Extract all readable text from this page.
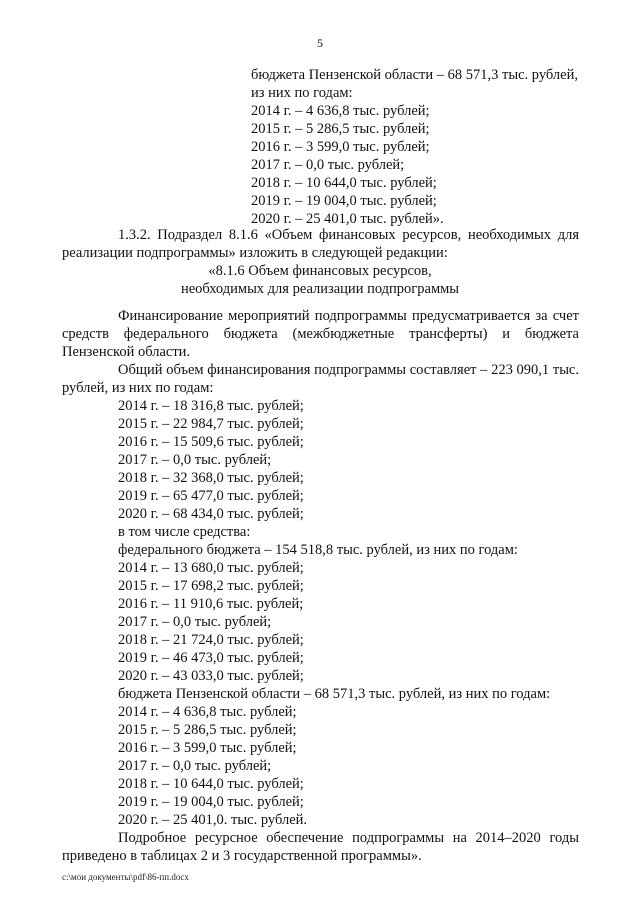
5
бюджета Пензенской области – 68 571,3 тыс. рублей,
из них по годам:
2014 г. – 4 636,8 тыс. рублей;
2015 г. – 5 286,5 тыс. рублей;
2016 г. – 3 599,0 тыс. рублей;
2017 г. – 0,0 тыс. рублей;
2018 г. – 10 644,0 тыс. рублей;
2019 г. – 19 004,0 тыс. рублей;
2020 г. – 25 401,0 тыс. рублей».
1.3.2. Подраздел 8.1.6 «Объем финансовых ресурсов, необходимых для
реализации подпрограммы» изложить в следующей редакции:
«8.1.6 Объем финансовых ресурсов,
необходимых для реализации подпрограммы
Финансирование мероприятий подпрограммы предусматривается за счет
средств федерального бюджета (межбюджетные трансферты) и бюджета
Пензенской области.
Общий объем финансирования подпрограммы составляет – 223 090,1 тыс.
рублей, из них по годам:
2014 г. – 18 316,8 тыс. рублей;
2015 г. – 22 984,7 тыс. рублей;
2016 г. – 15 509,6 тыс. рублей;
2017 г. – 0,0 тыс. рублей;
2018 г. – 32 368,0 тыс. рублей;
2019 г. – 65 477,0 тыс. рублей;
2020 г. – 68 434,0 тыс. рублей;
в том числе средства:
федерального бюджета – 154 518,8 тыс. рублей, из них по годам:
2014 г. – 13 680,0 тыс. рублей;
2015 г. – 17 698,2 тыс. рублей;
2016 г. – 11 910,6 тыс. рублей;
2017 г. – 0,0 тыс. рублей;
2018 г. – 21 724,0 тыс. рублей;
2019 г. – 46 473,0 тыс. рублей;
2020 г. – 43 033,0 тыс. рублей;
бюджета Пензенской области – 68 571,3 тыс. рублей, из них по годам:
2014 г. – 4 636,8 тыс. рублей;
2015 г. – 5 286,5 тыс. рублей;
2016 г. – 3 599,0 тыс. рублей;
2017 г. – 0,0 тыс. рублей;
2018 г. – 10 644,0 тыс. рублей;
2019 г. – 19 004,0 тыс. рублей;
2020 г. – 25 401,0. тыс. рублей.
Подробное ресурсное обеспечение подпрограммы на 2014–2020 годы
приведено в таблицах 2 и 3 государственной программы».
c:\мои документы\pdf\86-пп.docx
